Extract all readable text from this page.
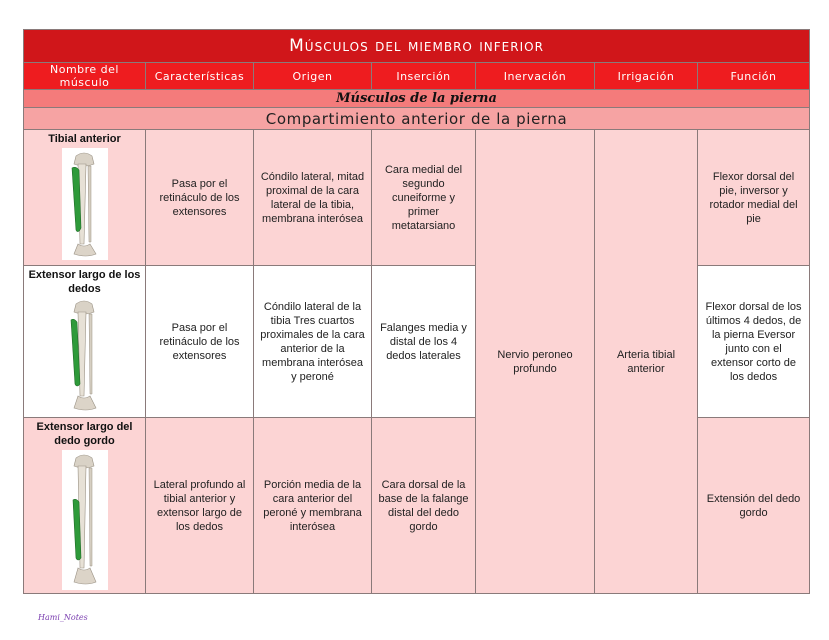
Músculos del miembro inferior						
Nombre del músculo	Características	Origen	Inserción	Inervación	Irrigación	Función
Músculos de la pierna						
Compartimiento anterior de la pierna						

Tibial anterior	Pasa por el retináculo de los extensores	Cóndilo lateral, mitad proximal de la cara lateral de la tibia, membrana interósea	Cara medial del segundo cuneiforme y primer metatarsiano	Nervio peroneo profundo	Arteria tibial anterior	Flexor dorsal del pie, inversor y rotador medial del pie

Extensor largo de los dedos	Pasa por el retináculo de los extensores	Cóndilo lateral de la tibia Tres cuartos proximales de la cara anterior de la membrana interósea y peroné	Falanges media y distal de los 4 dedos laterales			Flexor dorsal de los últimos 4 dedos, de la pierna Eversor junto con el extensor corto de los dedos

Extensor largo del dedo gordo	Lateral profundo al tibial anterior y extensor largo de los dedos	Porción media de la cara anterior del peroné y membrana interósea	Cara dorsal de la base de la falange distal del dedo gordo			Extensión del dedo gordo
Hami_Notes
